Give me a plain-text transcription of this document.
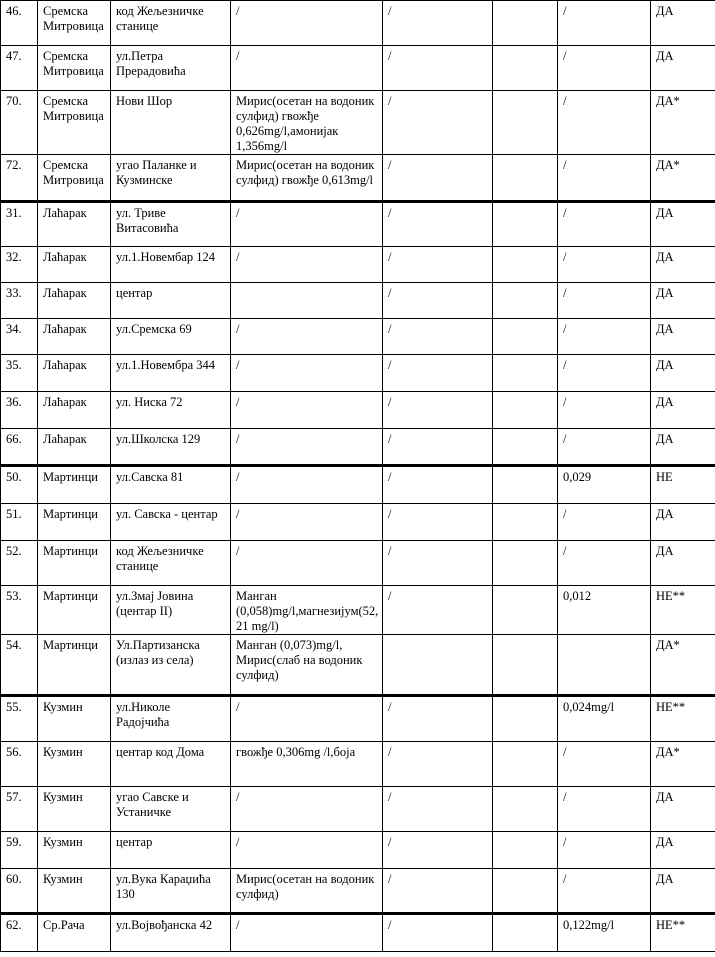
46.	Сремска Митровица	код Жељезничке станице	/	/		/	ДА
47.	Сремска Митровица	ул.Петра Прерадовића	/	/		/	ДА
70.	Сремска Митровица	Нови Шор	Мирис(осетан на водоник сулфид) гвожђе 0,626mg/l,амонијак 1,356mg/l	/		/	ДА*
72.	Сремска Митровица	угао Паланке и Кузминске	Мирис(осетан на водоник сулфид) гвожђе 0,613mg/l	/		/	ДА*
31.	Лаћарак	ул. Триве Витасовића	/	/		/	ДА
32.	Лаћарак	ул.1.Новембар 124	/	/		/	ДА
33.	Лаћарак	центар		/		/	ДА
34.	Лаћарак	ул.Сремска 69	/	/		/	ДА
35.	Лаћарак	ул.1.Новембра 344	/	/		/	ДА
36.	Лаћарак	ул. Ниска 72	/	/		/	ДА
66.	Лаћарак	ул.Школска 129	/	/		/	ДА
50.	Мартинци	ул.Савска 81	/	/		0,029	НЕ
51.	Мартинци	ул. Савска - центар	/	/		/	ДА
52.	Мартинци	код Жељезничке станице	/	/		/	ДА
53.	Мартинци	ул.Змај Јовина (центар II)	Манган (0,058)mg/l,магнезијум(52, 21 mg/l)	/		0,012	НЕ**
54.	Мартинци	Ул.Партизанска (излаз из села)	Манган (0,073)mg/l, Мирис(слаб на водоник сулфид)				ДА*
55.	Кузмин	ул.Николе Радојчића	/	/		0,024mg/l	НЕ**
56.	Кузмин	центар код Дома	гвожђе 0,306mg /l,боја	/		/	ДА*
57.	Кузмин	угао Савске и Устаничке	/	/		/	ДА
59.	Кузмин	центар	/	/		/	ДА
60.	Кузмин	ул.Вука Караџића 130	Мирис(осетан на водоник сулфид)	/		/	ДА
62.	Ср.Рача	ул.Војвођанска 42	/	/		0,122mg/l	НЕ**
